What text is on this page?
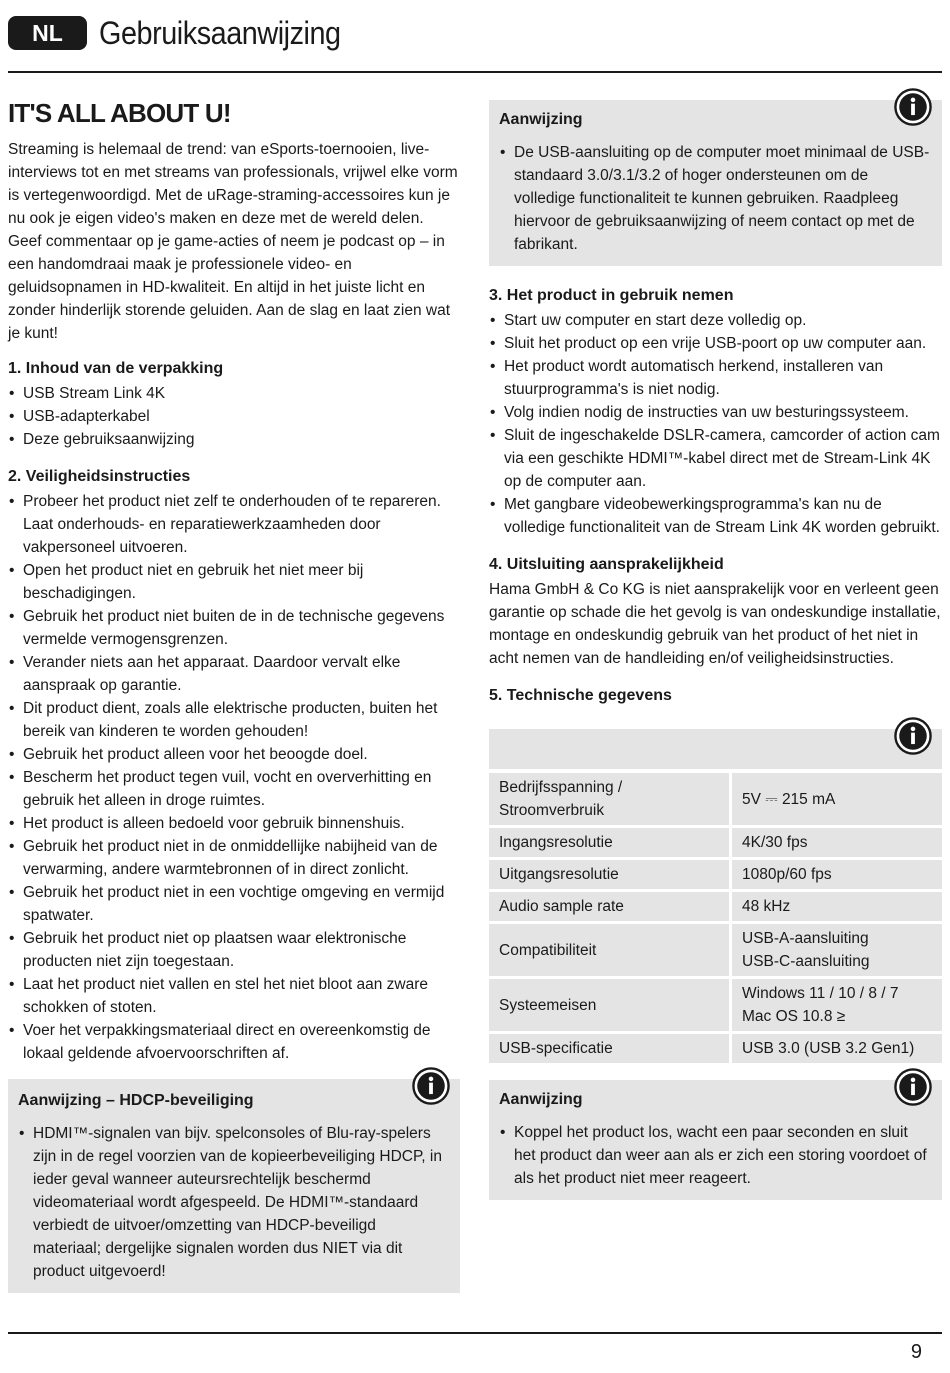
NL	Gebruiksaanwijzing
IT'S ALL ABOUT U!

Streaming is helemaal de trend: van eSports-toernooien, live-interviews tot en met streams van professionals, vrijwel elke vorm is vertegenwoordigd. Met de uRage-straming-accessoires kun je nu ook je eigen video's maken en deze met de wereld delen. Geef commentaar op je game-acties of neem je podcast op – in een handomdraai maak je professionele video- en geluidsopnamen in HD-kwaliteit. En altijd in het juiste licht en zonder hinderlijk storende geluiden. Aan de slag en laat zien wat je kunt!

1. Inhoud van de verpakking
• USB Stream Link 4K
• USB-adapterkabel
• Deze gebruiksaanwijzing
2. Veiligheidsinstructies
• Probeer het product niet zelf te onderhouden of te repareren. Laat onderhouds- en reparatiewerkzaamheden door vakpersoneel uitvoeren.
• Open het product niet en gebruik het niet meer bij beschadigingen.
• Gebruik het product niet buiten de in de technische gegevens vermelde vermogensgrenzen.
• Verander niets aan het apparaat. Daardoor vervalt elke aanspraak op garantie.
• Dit product dient, zoals alle elektrische producten, buiten het bereik van kinderen te worden gehouden!
• Gebruik het product alleen voor het beoogde doel.
• Bescherm het product tegen vuil, vocht en oververhitting en gebruik het alleen in droge ruimtes.
• Het product is alleen bedoeld voor gebruik binnenshuis.
• Gebruik het product niet in de onmiddellijke nabijheid van de verwarming, andere warmtebronnen of in direct zonlicht.
• Gebruik het product niet in een vochtige omgeving en vermijd spatwater.
• Gebruik het product niet op plaatsen waar elektronische producten niet zijn toegestaan.
• Laat het product niet vallen en stel het niet bloot aan zware schokken of stoten.
• Voer het verpakkingsmateriaal direct en overeenkomstig de lokaal geldende afvoervoorschriften af.
Aanwijzing – HDCP-beveiliging
• HDMI™-signalen van bijv. spelconsoles of Blu-ray-spelers zijn in de regel voorzien van de kopieerbeveiliging HDCP, in ieder geval wanneer auteursrechtelijk beschermd videomateriaal wordt afgespeeld. De HDMI™-standaard verbiedt de uitvoer/omzetting van HDCP-beveiligd materiaal; dergelijke signalen worden dus NIET via dit product uitgevoerd!
Aanwijzing
• De USB-aansluiting op de computer moet minimaal de USB-standaard 3.0/3.1/3.2 of hoger ondersteunen om de volledige functionaliteit te kunnen gebruiken. Raadpleeg hiervoor de gebruiksaanwijzing of neem contact op met de fabrikant.
3. Het product in gebruik nemen
• Start uw computer en start deze volledig op.
• Sluit het product op een vrije USB-poort op uw computer aan.
• Het product wordt automatisch herkend, installeren van stuurprogramma's is niet nodig.
• Volg indien nodig de instructies van uw besturingssysteem.
• Sluit de ingeschakelde DSLR-camera, camcorder of action cam via een geschikte HDMI™-kabel direct met de Stream-Link 4K op de computer aan.
• Met gangbare videobewerkingsprogramma's kan nu de volledige functionaliteit van de Stream Link 4K worden gebruikt.
4. Uitsluiting aansprakelijkheid

Hama GmbH & Co KG is niet aansprakelijk voor en verleent geen garantie op schade die het gevolg is van ondeskundige installatie, montage en ondeskundig gebruik van het product of het niet in acht nemen van de handleiding en/of veiligheidsinstructies.

5. Technische gegevens
Bedrijfsspanning / Stroomverbruik	5V ⎓ 215 mA

Ingangsresolutie	4K/30 fps

Uitgangsresolutie	1080p/60 fps

Audio sample rate	48 kHz

Compatibiliteit	USB-A-aansluiting
USB-C-aansluiting

Systeemeisen	Windows 11 / 10 / 8 / 7
Mac OS 10.8 ≥

USB-specificatie	USB 3.0 (USB 3.2 Gen1)
Aanwijzing
• Koppel het product los, wacht een paar seconden en sluit het product dan weer aan als er zich een storing voordoet of als het product niet meer reageert.
9
